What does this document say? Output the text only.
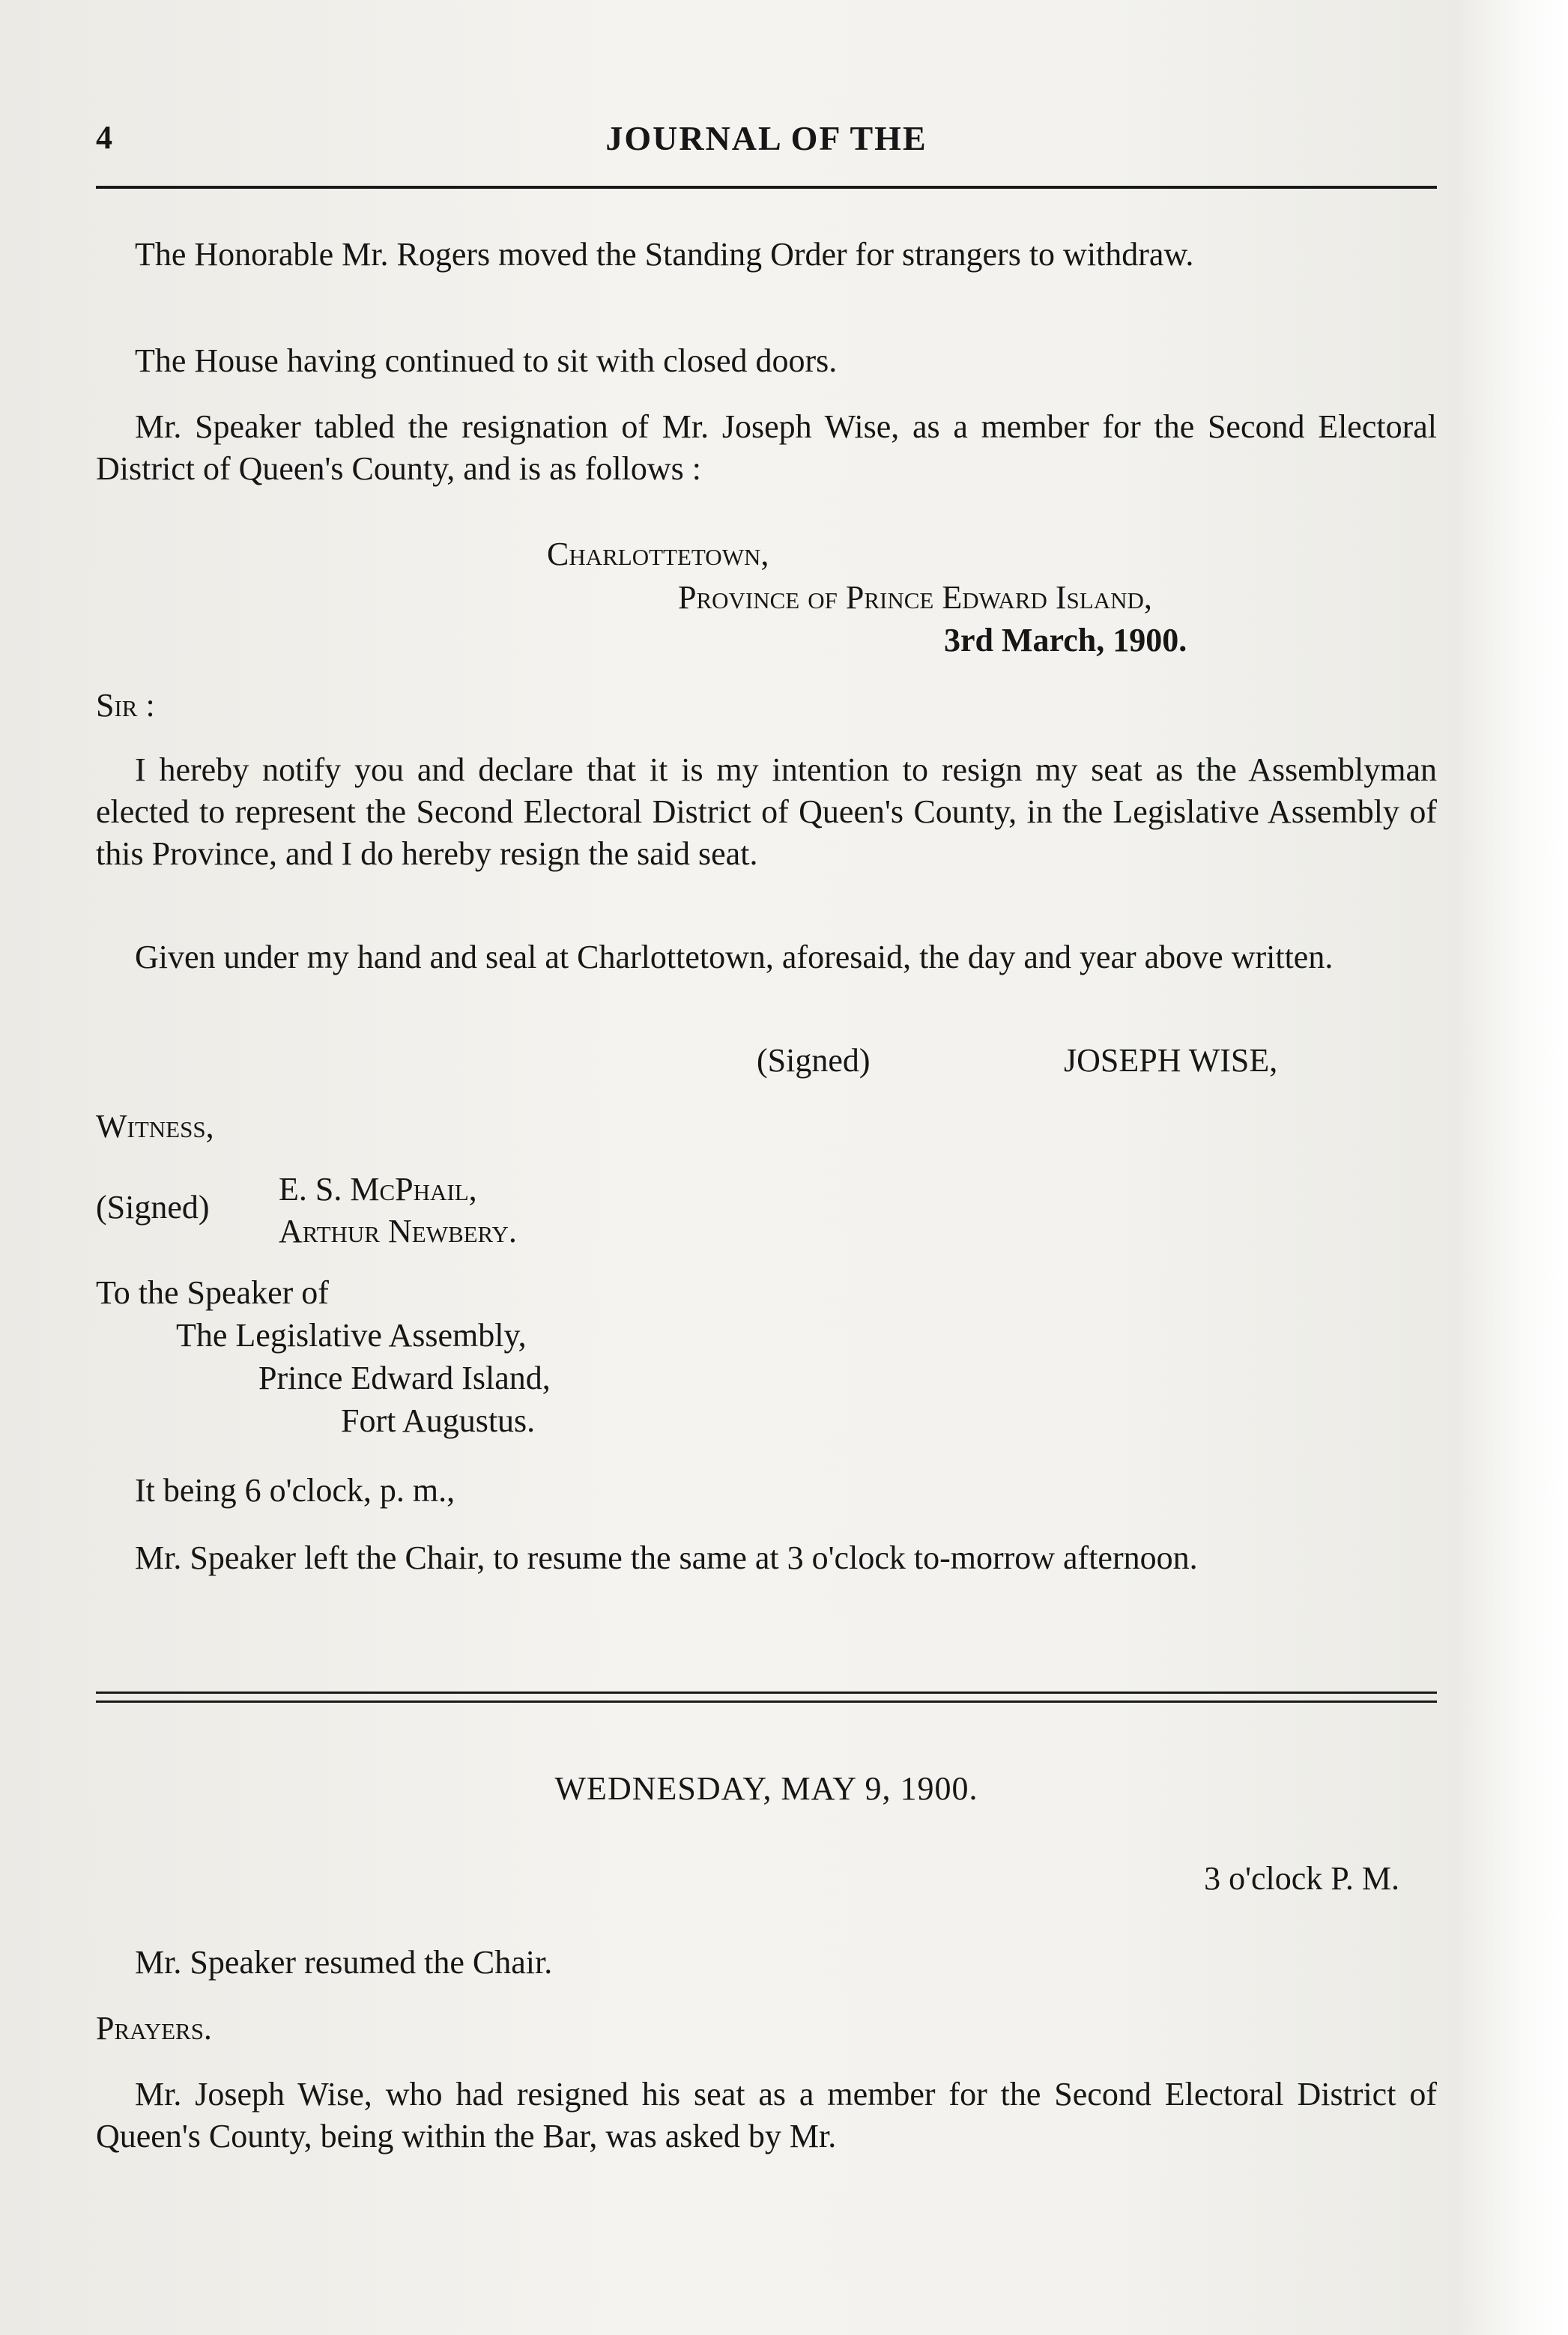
4	JOURNAL OF THE

The Honorable Mr. Rogers moved the Standing Order for strangers to withdraw.

The House having continued to sit with closed doors.

Mr. Speaker tabled the resignation of Mr. Joseph Wise, as a member for the Second Electoral District of Queen's County, and is as follows :

Charlottetown,
Province of Prince Edward Island,
3rd March, 1900.
Sir :

I hereby notify you and declare that it is my intention to resign my seat as the Assemblyman elected to represent the Second Electoral District of Queen's County, in the Legislative Assembly of this Province, and I do hereby resign the said seat.

Given under my hand and seal at Charlottetown, aforesaid, the day and year above written.

(Signed)	JOSEPH WISE,
Witness,
(Signed) E. S. McPhail,
Arthur Newbery.
To the Speaker of
The Legislative Assembly,
Prince Edward Island,
Fort Augustus.

It being 6 o'clock, p. m.,

Mr. Speaker left the Chair, to resume the same at 3 o'clock to-morrow afternoon.

WEDNESDAY, MAY 9, 1900.
3 o'clock P. M.

Mr. Speaker resumed the Chair.

Prayers.

Mr. Joseph Wise, who had resigned his seat as a member for the Second Electoral District of Queen's County, being within the Bar, was asked by Mr.
